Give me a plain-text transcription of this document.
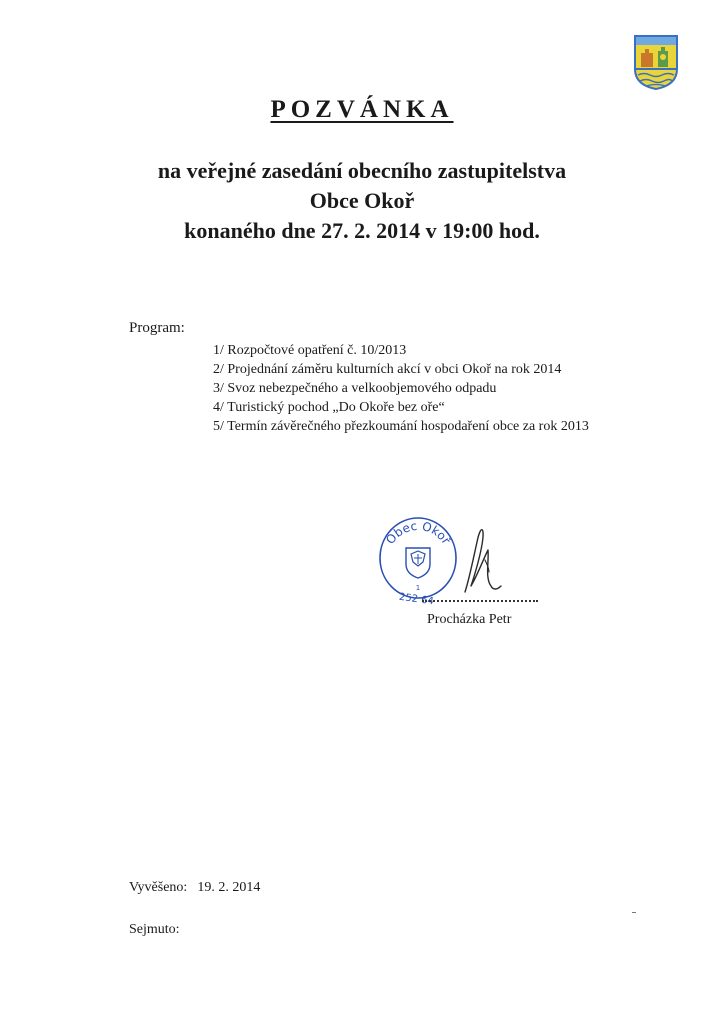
POZVÁNKA
na veřejné zasedání obecního zastupitelstva
Obce Okoř
konaného dne 27. 2. 2014 v 19:00 hod.
Program:
1/ Rozpočtové opatření č. 10/2013
2/ Projednání záměru kulturních akcí v obci Okoř na rok 2014
3/ Svoz nebezpečného a velkoobjemového odpadu
4/ Turistický pochod „Do Okoře bez oře“
5/ Termín závěrečného přezkoumání hospodaření obce za rok 2013
Obec Okoř
1
252 64
Procházka Petr
Vyvěšeno: 19. 2. 2014
Sejmuto:
